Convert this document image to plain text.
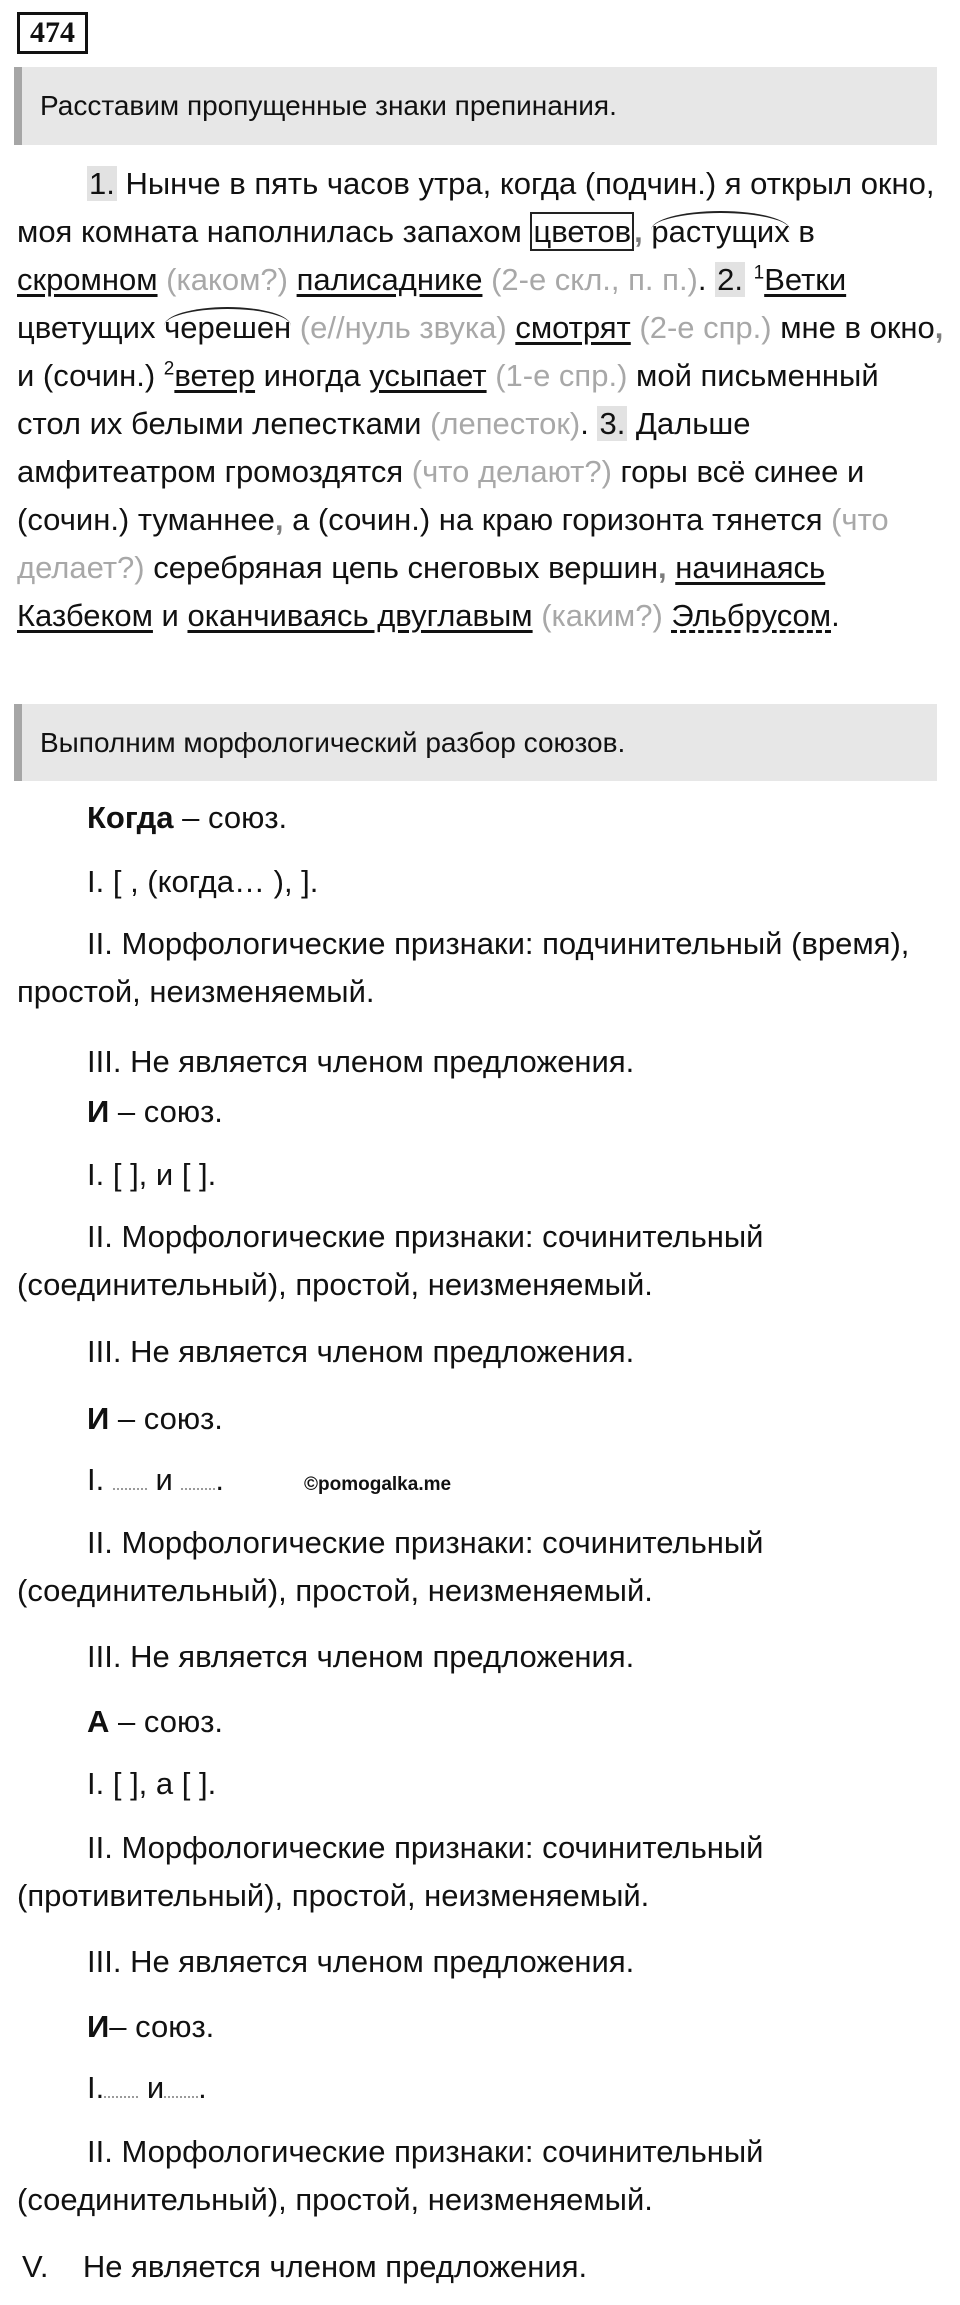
474
Расставим пропущенные знаки препинания.

1. Нынче в пять часов утра, когда (подчин.) я открыл окно, моя комната наполнилась запахом цветов, растущих в скромном (каком?) палисаднике (2-е скл., п. п.). 2. $^1$Ветки цветущих черешен (е//нуль звука) смотрят (2-е спр.) мне в окно, и (сочин.) $^2$ветер иногда усыпает (1-е спр.) мой письменный стол их белыми лепестками (лепесток). 3. Дальше амфитеатром громоздятся (что делают?) горы всё синее и (сочин.) туманнее, а (сочин.) на краю горизонта тянется (что делает?) серебряная цепь снеговых вершин, начинаясь Казбеком и оканчиваясь двуглавым (каким?) Эльбрусом.

Выполним морфологический разбор союзов.
Когда – союз.
I. [ , (когда… ), ].
II. Морфологические признаки: подчинительный (время), простой, неизменяемый.
III. Не является членом предложения.
И – союз.
I. [ ], и [ ].
II. Морфологические признаки: сочинительный (соединительный), простой, неизменяемый.
III. Не является членом предложения.
И – союз.
I.  и .	©pomogalka.me
II. Морфологические признаки: сочинительный (соединительный), простой, неизменяемый.
III. Не является членом предложения.
А – союз.
I. [ ], а [ ].
II. Морфологические признаки: сочинительный (противительный), простой, неизменяемый.
III. Не является членом предложения.
И– союз.
I. и .
II. Морфологические признаки: сочинительный (соединительный), простой, неизменяемый.
V.    Не является членом предложения.
